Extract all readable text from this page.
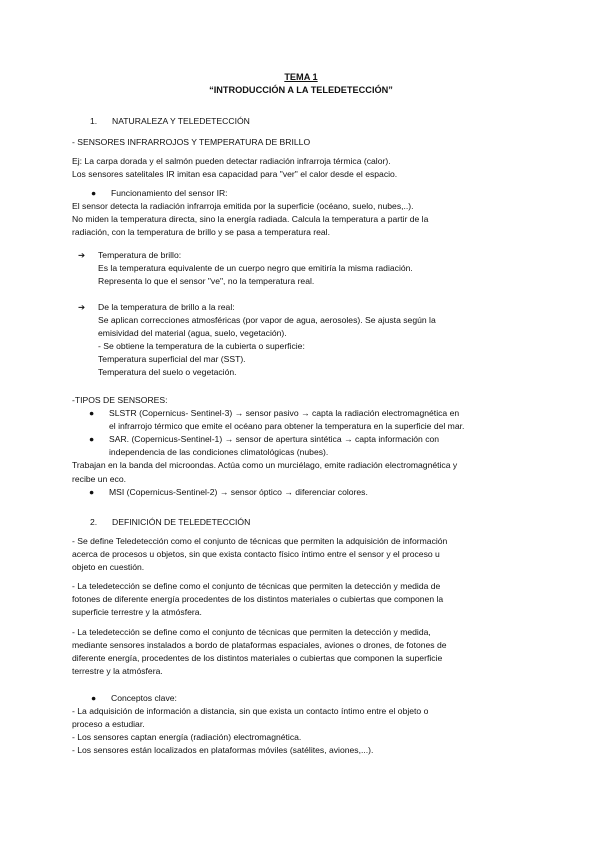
TEMA 1

“INTRODUCCIÓN A LA TELEDETECCIÓN”

1. NATURALEZA Y TELEDETECCIÓN

- SENSORES INFRARROJOS Y TEMPERATURA DE BRILLO

Ej: La carpa dorada y el salmón pueden detectar radiación infrarroja térmica (calor).

Los sensores satelitales IR imitan esa capacidad para "ver" el calor desde el espacio.

●	Funcionamiento del sensor IR:

El sensor detecta la radiación infrarroja emitida por la superficie (océano, suelo, nubes,..).

No miden la temperatura directa, sino la energía radiada. Calcula la temperatura a partir de la

radiación, con la temperatura de brillo y se pasa a temperatura real.

➔	Temperatura de brillo:

Es la temperatura equivalente de un cuerpo negro que emitiría la misma radiación.

Representa lo que el sensor "ve", no la temperatura real.

➔	De la temperatura de brillo a la real:

Se aplican correcciones atmosféricas (por vapor de agua, aerosoles). Se ajusta según la

emisividad del material (agua, suelo, vegetación).

- Se obtiene la temperatura de la cubierta o superficie:

Temperatura superficial del mar (SST).

Temperatura del suelo o vegetación.

-TIPOS DE SENSORES:

●	SLSTR (Copernicus- Sentinel-3) → sensor pasivo → capta la radiación electromagnética en

el infrarrojo térmico que emite el océano para obtener la temperatura en la superficie del mar.

●	SAR. (Copernicus-Sentinel-1) → sensor de apertura sintética → capta información con

independencia de las condiciones climatológicas (nubes).

Trabajan en la banda del microondas. Actúa como un murciélago, emite radiación electromagnética y

recibe un eco.

●	MSI (Copernicus-Sentinel-2) → sensor óptico → diferenciar colores.

2. DEFINICIÓN DE TELEDETECCIÓN

- Se define Teledetección como el conjunto de técnicas que permiten la adquisición de información

acerca de procesos u objetos, sin que exista contacto físico íntimo entre el sensor y el proceso u

objeto en cuestión.

- La teledetección se define como el conjunto de técnicas que permiten la detección y medida de

fotones de diferente energía procedentes de los distintos materiales o cubiertas que componen la

superficie terrestre y la atmósfera.

- La teledetección se define como el conjunto de técnicas que permiten la detección y medida,

mediante sensores instalados a bordo de plataformas espaciales, aviones o drones, de fotones de

diferente energía, procedentes de los distintos materiales o cubiertas que componen la superficie

terrestre y la atmósfera.

●	Conceptos clave:

- La adquisición de información a distancia, sin que exista un contacto íntimo entre el objeto o

proceso a estudiar.

- Los sensores captan energía (radiación) electromagnética.

- Los sensores están localizados en plataformas móviles (satélites, aviones,...).
